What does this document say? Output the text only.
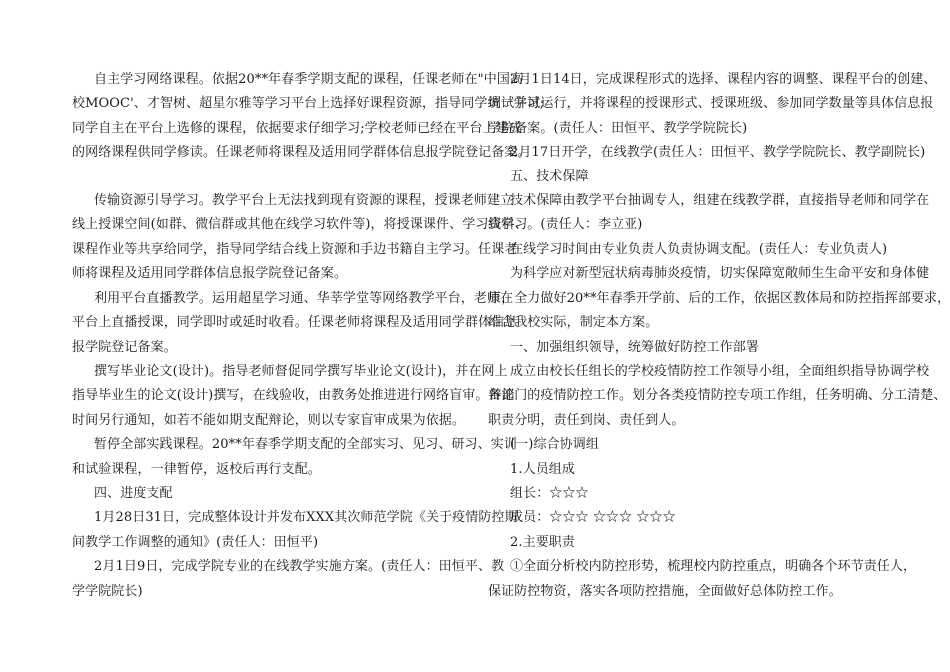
自主学习网络课程。依据20**年春季学期支配的课程，任课老师在"中国高
校MOOC'、才智树、超星尔雅等学习平台上选择好课程资源，指导同学统一学习;
同学自主在平台上选修的课程，依据要求仔细学习;学校老师已经在平台上建成
的网络课程供同学修读。任课老师将课程及适用同学群体信息报学院登记备案。
传输资源引导学习。教学平台上无法找到现有资源的课程，授课老师建立
线上授课空间(如群、微信群或其他在线学习软件等)，将授课课件、学习资料、
课程作业等共享给同学，指导同学结合线上资源和手边书籍自主学习。任课老
师将课程及适用同学群体信息报学院登记备案。
利用平台直播教学。运用超星学习通、华莘学堂等网络教学平台，老师在
平台上直播授课，同学即时或延时收看。任课老师将课程及适用同学群体信息
报学院登记备案。
撰写毕业论文(设计)。指导老师督促同学撰写毕业论文(设计)，并在网上
指导毕业生的论文(设计)撰写，在线验收，由教务处推进进行网络盲审。辩论
时间另行通知，如若不能如期支配辩论，则以专家盲审成果为依据。
暂停全部实践课程。20**年春季学期支配的全部实习、见习、研习、实训
和试验课程，一律暂停，返校后再行支配。
四、进度支配
1月28日31日，完成整体设计并发布XXX其次师范学院《关于疫情防控期
间教学工作调整的通知》(责任人：田恒平)
2月1日9日，完成学院专业的在线教学实施方案。(责任人：田恒平、教
学学院院长)
2月1日14日，完成课程形式的选择、课程内容的调整、课程平台的创建、
调试并试运行，并将课程的授课形式、授课班级、参加同学数量等具体信息报
学院备案。(责任人：田恒平、教学学院院长)
2月17日开学，在线教学(责任人：田恒平、教学学院院长、教学副院长)
五、技术保障
技术保障由教学平台抽调专人，组建在线教学群，直接指导老师和同学在
线学习。(责任人：李立亚)
在线学习时间由专业负责人负责协调支配。(责任人：专业负责人)
为科学应对新型冠状病毒肺炎疫情，切实保障宽敞师生生命平安和身体健
康，全力做好20**年春季开学前、后的工作，依据区教体局和防控指挥部要求，
结合我校实际，制定本方案。
一、加强组织领导，统筹做好防控工作部署
成立由校长任组长的学校疫情防控工作领导小组，全面组织指导协调学校
各部门的疫情防控工作。划分各类疫情防控专项工作组，任务明确、分工清楚、
职责分明，责任到岗、责任到人。
(一)综合协调组
1.人员组成
组长：☆☆☆
成员：☆☆☆ ☆☆☆ ☆☆☆
2.主要职责
①全面分析校内防控形势，梳理校内防控重点，明确各个环节责任人，
保证防控物资，落实各项防控措施，全面做好总体防控工作。
